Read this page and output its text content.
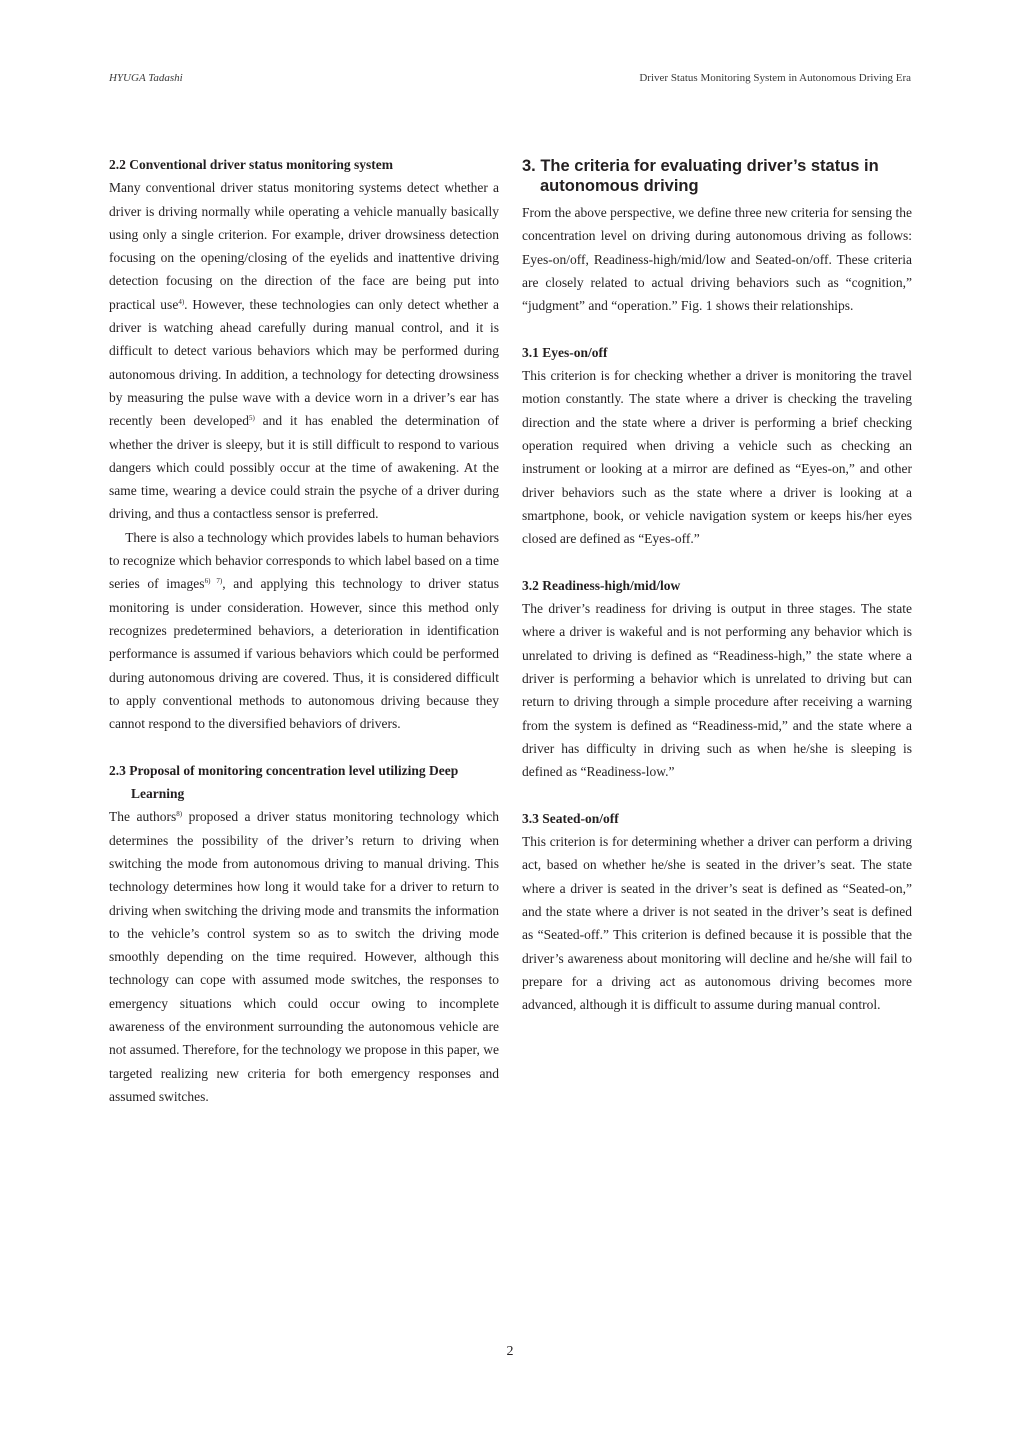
HYUGA Tadashi	Driver Status Monitoring System in Autonomous Driving Era
2.2 Conventional driver status monitoring system

Many conventional driver status monitoring systems detect whether a driver is driving normally while operating a vehicle manually basically using only a single criterion. For example, driver drowsiness detection focusing on the opening/closing of the eyelids and inattentive driving detection focusing on the direction of the face are being put into practical use$^{4)}$. However, these technologies can only detect whether a driver is watching ahead carefully during manual control, and it is difficult to detect various behaviors which may be performed during autonomous driving. In addition, a technology for detecting drowsiness by measuring the pulse wave with a device worn in a driver’s ear has recently been developed$^{5)}$ and it has enabled the determination of whether the driver is sleepy, but it is still difficult to respond to various dangers which could possibly occur at the time of awakening. At the same time, wearing a device could strain the psyche of a driver during driving, and thus a contactless sensor is preferred.

There is also a technology which provides labels to human behaviors to recognize which behavior corresponds to which label based on a time series of images$^{6) 7)}$, and applying this technology to driver status monitoring is under consideration. However, since this method only recognizes predetermined behaviors, a deterioration in identification performance is assumed if various behaviors which could be performed during autonomous driving are covered. Thus, it is considered difficult to apply conventional methods to autonomous driving because they cannot respond to the diversified behaviors of drivers.

2.3 Proposal of monitoring concentration level utilizing Deep Learning

The authors$^{8)}$ proposed a driver status monitoring technology which determines the possibility of the driver’s return to driving when switching the mode from autonomous driving to manual driving. This technology determines how long it would take for a driver to return to driving when switching the driving mode and transmits the information to the vehicle’s control system so as to switch the driving mode smoothly depending on the time required. However, although this technology can cope with assumed mode switches, the responses to emergency situations which could occur owing to incomplete awareness of the environment surrounding the autonomous vehicle are not assumed. Therefore, for the technology we propose in this paper, we targeted realizing new criteria for both emergency responses and assumed switches.

3. The criteria for evaluating driver’s status in autonomous driving

From the above perspective, we define three new criteria for sensing the concentration level on driving during autonomous driving as follows: Eyes-on/off, Readiness-high/mid/low and Seated-on/off. These criteria are closely related to actual driving behaviors such as “cognition,” “judgment” and “operation.” Fig. 1 shows their relationships.

3.1 Eyes-on/off

This criterion is for checking whether a driver is monitoring the travel motion constantly. The state where a driver is checking the traveling direction and the state where a driver is performing a brief checking operation required when driving a vehicle such as checking an instrument or looking at a mirror are defined as “Eyes-on,” and other driver behaviors such as the state where a driver is looking at a smartphone, book, or vehicle navigation system or keeps his/her eyes closed are defined as “Eyes-off.”

3.2 Readiness-high/mid/low

The driver’s readiness for driving is output in three stages. The state where a driver is wakeful and is not performing any behavior which is unrelated to driving is defined as “Readiness-high,” the state where a driver is performing a behavior which is unrelated to driving but can return to driving through a simple procedure after receiving a warning from the system is defined as “Readiness-mid,” and the state where a driver has difficulty in driving such as when he/she is sleeping is defined as “Readiness-low.”

3.3 Seated-on/off

This criterion is for determining whether a driver can perform a driving act, based on whether he/she is seated in the driver’s seat. The state where a driver is seated in the driver’s seat is defined as “Seated-on,” and the state where a driver is not seated in the driver’s seat is defined as “Seated-off.” This criterion is defined because it is possible that the driver’s awareness about monitoring will decline and he/she will fail to prepare for a driving act as autonomous driving becomes more advanced, although it is difficult to assume during manual control.

2
